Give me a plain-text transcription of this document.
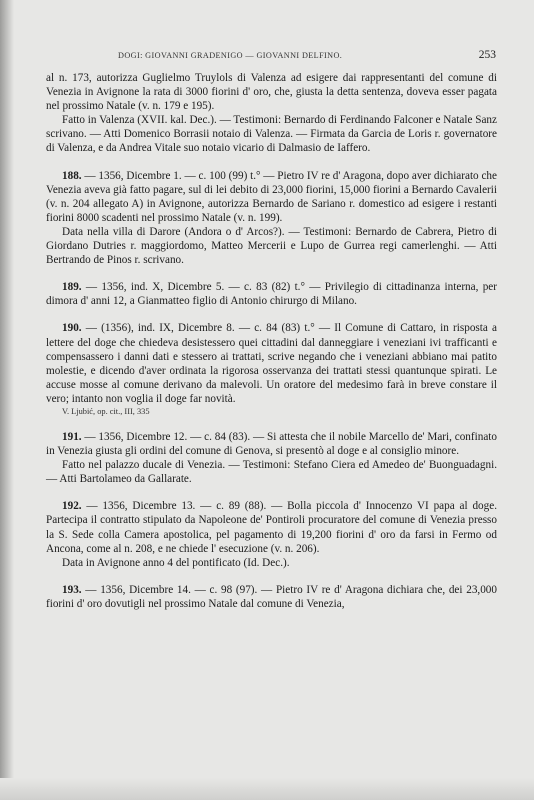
DOGI: GIOVANNI GRADENIGO — GIOVANNI DELFINO.	253

al n. 173, autorizza Guglielmo Truylols di Valenza ad esigere dai rappresentanti del comune di Venezia in Avignone la rata di 3000 fiorini d' oro, che, giusta la detta sentenza, doveva esser pagata nel prossimo Natale (v. n. 179 e 195).

Fatto in Valenza (XVII. kal. Dec.). — Testimoni: Bernardo di Ferdinando Falconer e Natale Sanz scrivano. — Atti Domenico Borrasii notaio di Valenza. — Firmata da Garcia de Loris r. governatore di Valenza, e da Andrea Vitale suo notaio vicario di Dalmasio de Iaffero.

188. — 1356, Dicembre 1. — c. 100 (99) t.° — Pietro IV re d' Aragona, dopo aver dichiarato che Venezia aveva già fatto pagare, sul di lei debito di 23,000 fiorini, 15,000 fiorini a Bernardo Cavalerii (v. n. 204 allegato A) in Avignone, autorizza Bernardo de Sariano r. domestico ad esigere i restanti fiorini 8000 scadenti nel prossimo Natale (v. n. 199).

Data nella villa di Darore (Andora o d' Arcos?). — Testimoni: Bernardo de Cabrera, Pietro di Giordano Dutries r. maggiordomo, Matteo Mercerii e Lupo de Gurrea regi camerlenghi. — Atti Bertrando de Pinos r. scrivano.

189. — 1356, ind. X, Dicembre 5. — c. 83 (82) t.° — Privilegio di cittadinanza interna, per dimora d' anni 12, a Gianmatteo figlio di Antonio chirurgo di Milano.

190. — (1356), ind. IX, Dicembre 8. — c. 84 (83) t.° — Il Comune di Cattaro, in risposta a lettere del doge che chiedeva desistessero quei cittadini dal danneggiare i veneziani ivi trafficanti e compensassero i danni dati e stessero ai trattati, scrive negando che i veneziani abbiano mai patito molestie, e dicendo d'aver ordinata la rigorosa osservanza dei trattati stessi quantunque spirati. Le accuse mosse al comune derivano da malevoli. Un oratore del medesimo farà in breve constare il vero; intanto non voglia il doge far novità.

V. Ljubić, op. cit., III, 335

191. — 1356, Dicembre 12. — c. 84 (83). — Si attesta che il nobile Marcello de' Mari, confinato in Venezia giusta gli ordini del comune di Genova, si presentò al doge e al consiglio minore.

Fatto nel palazzo ducale di Venezia. — Testimoni: Stefano Ciera ed Amedeo de' Buonguadagni. — Atti Bartolameo da Gallarate.

192. — 1356, Dicembre 13. — c. 89 (88). — Bolla piccola d' Innocenzo VI papa al doge. Partecipa il contratto stipulato da Napoleone de' Pontiroli procuratore del comune di Venezia presso la S. Sede colla Camera apostolica, pel pagamento di 19,200 fiorini d' oro da farsi in Fermo od Ancona, come al n. 208, e ne chiede l' esecuzione (v. n. 206).

Data in Avignone anno 4 del pontificato (Id. Dec.).

193. — 1356, Dicembre 14. — c. 98 (97). — Pietro IV re d' Aragona dichiara che, dei 23,000 fiorini d' oro dovutigli nel prossimo Natale dal comune di Venezia,
